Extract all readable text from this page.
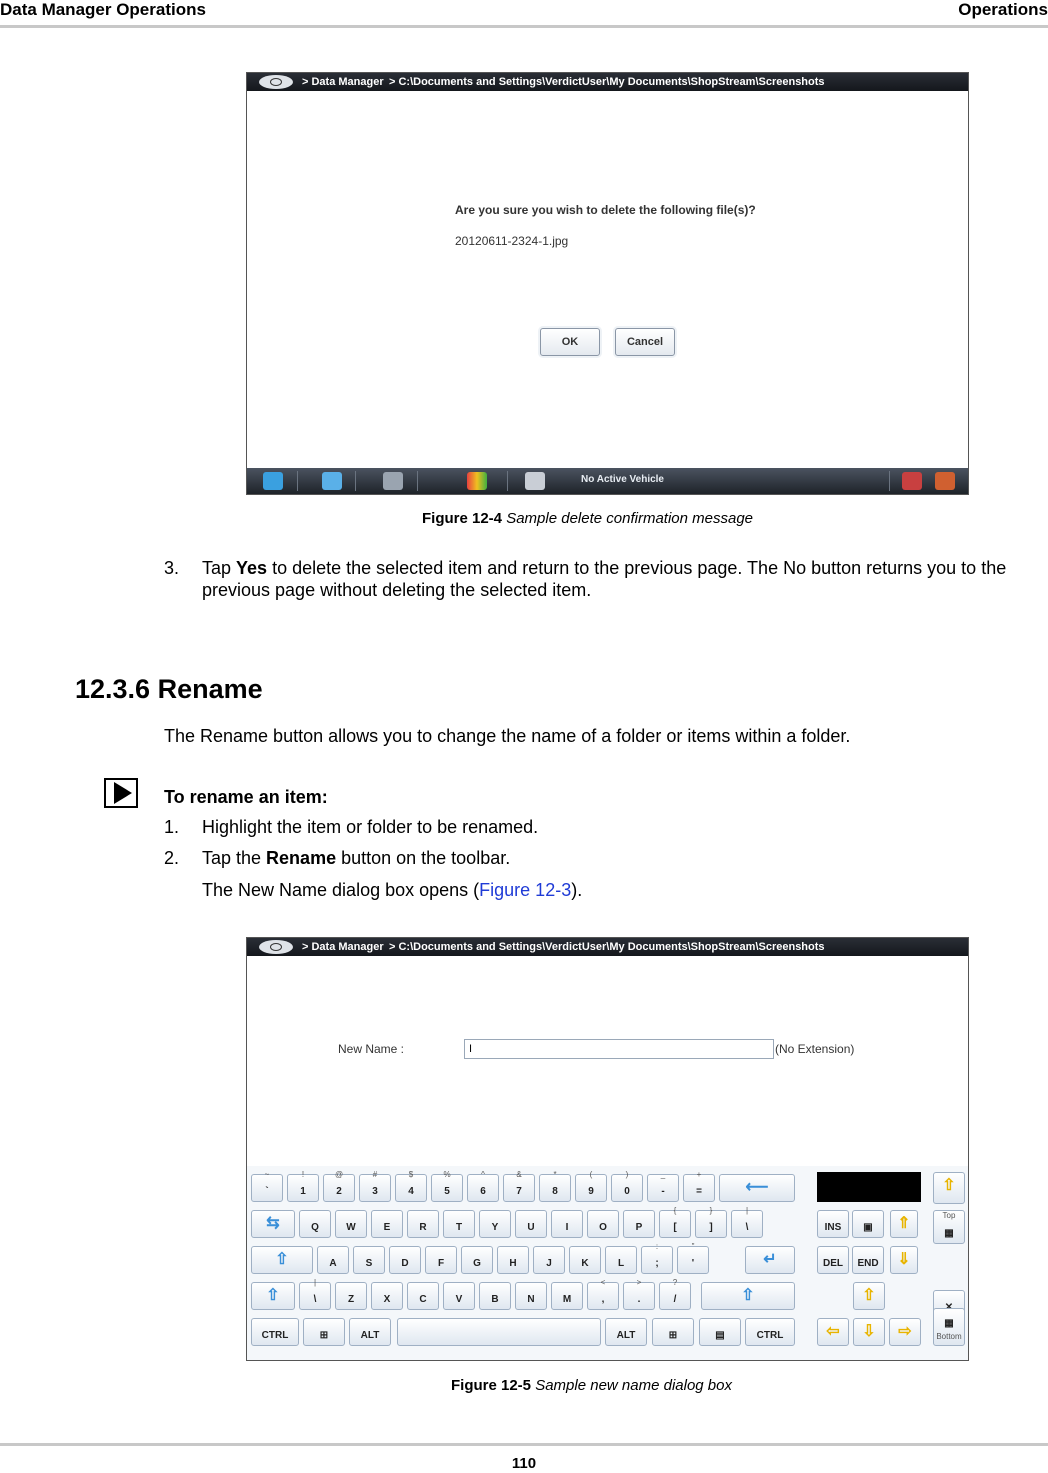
Data Manager Operations	Operations
> Data Manager > C:\Documents and Settings\VerdictUser\My Documents\ShopStream\Screenshots
Are you sure you wish to delete the following file(s)?
20120611-2324-1.jpg
OK	Cancel
No Active Vehicle
Figure 12-4 Sample delete confirmation message
3. Tap Yes to delete the selected item and return to the previous page. The No button returns you to the previous page without deleting the selected item.
12.3.6 Rename
The Rename button allows you to change the name of a folder or items within a folder.
To rename an item:
1. Highlight the item or folder to be renamed.
2. Tap the Rename button on the toolbar.
The New Name dialog box opens (Figure 12-3).
> Data Manager > C:\Documents and Settings\VerdictUser\My Documents\ShopStream\Screenshots
New Name :
I	(No Extension)
~
`
!
1
@
2
#
3
$
4
%
5
^
6
&
7
*
8
(
9
)
0
_
-
+
=	⟵	⇧
⇆	Q	W	E	R	T	Y	U	I	O	P
{
[
}
]
|
\	INS	▣	⇑	Top
▦
⇧	A	S	D	F	G	H	J	K	L
:
;
"
'	↵	DEL	END	⇓
⇧
|
\	Z	X	C	V	B	N	M
<
,
>
.
?
/	⇧	⇧
CTRL	⊞	ALT	ALT	⊞	▤	CTRL	⇦	⇩	⇨	▦
Bottom
Figure 12-5 Sample new name dialog box
110
